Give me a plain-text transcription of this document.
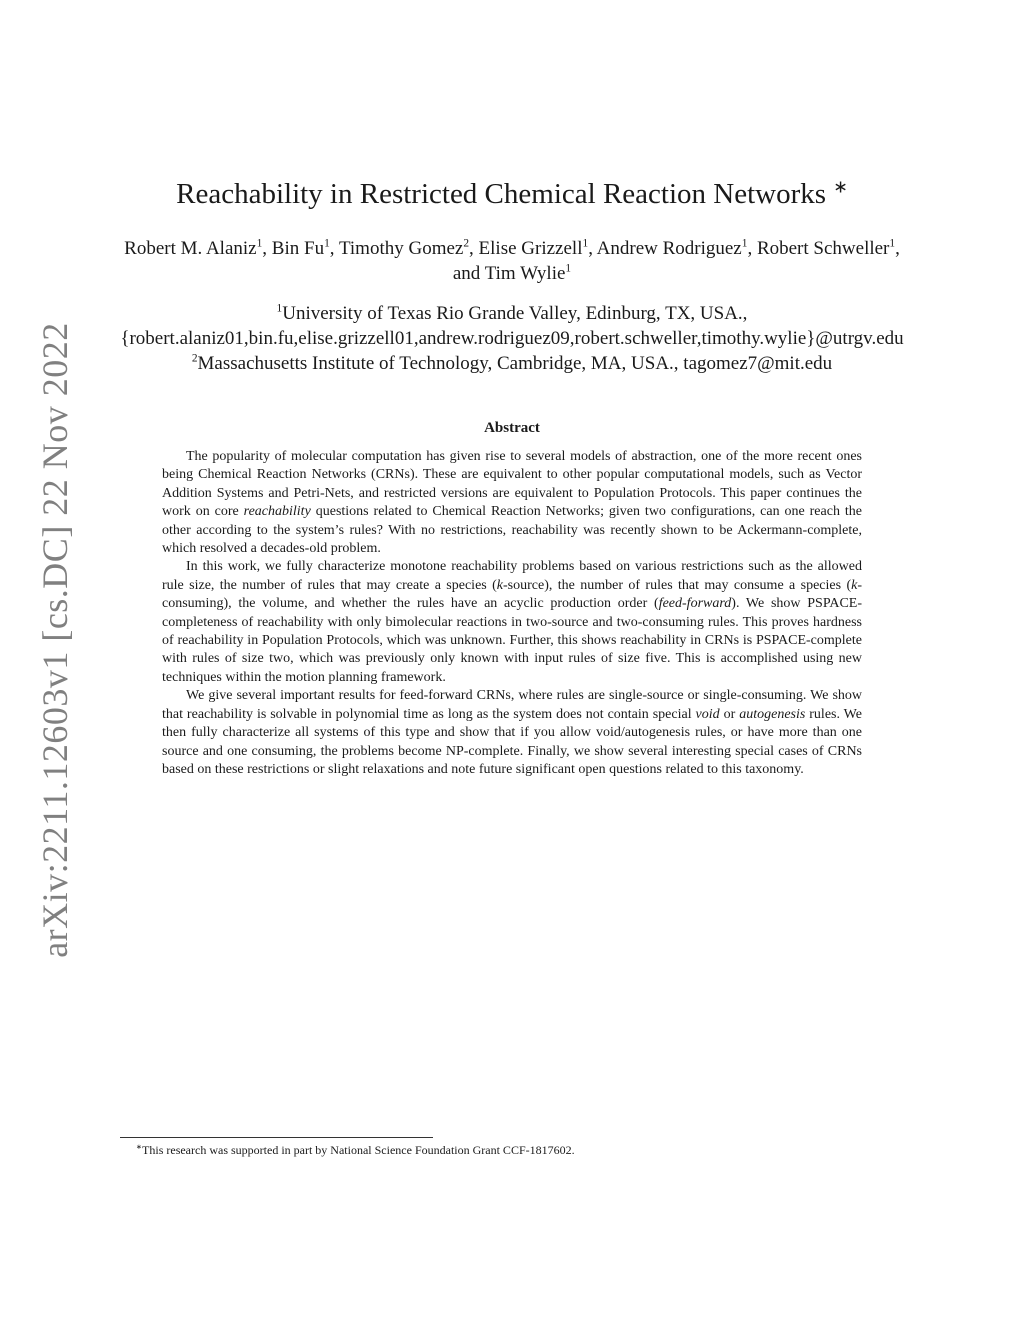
arXiv:2211.12603v1 [cs.DC] 22 Nov 2022
Reachability in Restricted Chemical Reaction Networks ∗
Robert M. Alaniz$^1$, Bin Fu$^1$, Timothy Gomez$^2$, Elise Grizzell$^1$, Andrew Rodriguez$^1$, Robert Schweller$^1$, and Tim Wylie$^1$
$^1$University of Texas Rio Grande Valley, Edinburg, TX, USA.,
{robert.alaniz01,bin.fu,elise.grizzell01,andrew.rodriguez09,robert.schweller,timothy.wylie}@utrgv.edu
$^2$Massachusetts Institute of Technology, Cambridge, MA, USA., tagomez7@mit.edu
Abstract

The popularity of molecular computation has given rise to several models of abstraction, one of the more recent ones being Chemical Reaction Networks (CRNs). These are equivalent to other popular computational models, such as Vector Addition Systems and Petri-Nets, and restricted versions are equivalent to Population Protocols. This paper continues the work on core reachability questions related to Chemical Reaction Networks; given two configurations, can one reach the other according to the system’s rules? With no restrictions, reachability was recently shown to be Ackermann-complete, which resolved a decades-old problem.

In this work, we fully characterize monotone reachability problems based on various restrictions such as the allowed rule size, the number of rules that may create a species (k-source), the number of rules that may consume a species (k-consuming), the volume, and whether the rules have an acyclic production order (feed-forward). We show PSPACE-completeness of reachability with only bimolecular reactions in two-source and two-consuming rules. This proves hardness of reachability in Population Protocols, which was unknown. Further, this shows reachability in CRNs is PSPACE-complete with rules of size two, which was previously only known with input rules of size five. This is accomplished using new techniques within the motion planning framework.

We give several important results for feed-forward CRNs, where rules are single-source or single-consuming. We show that reachability is solvable in polynomial time as long as the system does not contain special void or autogenesis rules. We then fully characterize all systems of this type and show that if you allow void/autogenesis rules, or have more than one source and one consuming, the problems become NP-complete. Finally, we show several interesting special cases of CRNs based on these restrictions or slight relaxations and note future significant open questions related to this taxonomy.

∗This research was supported in part by National Science Foundation Grant CCF-1817602.
